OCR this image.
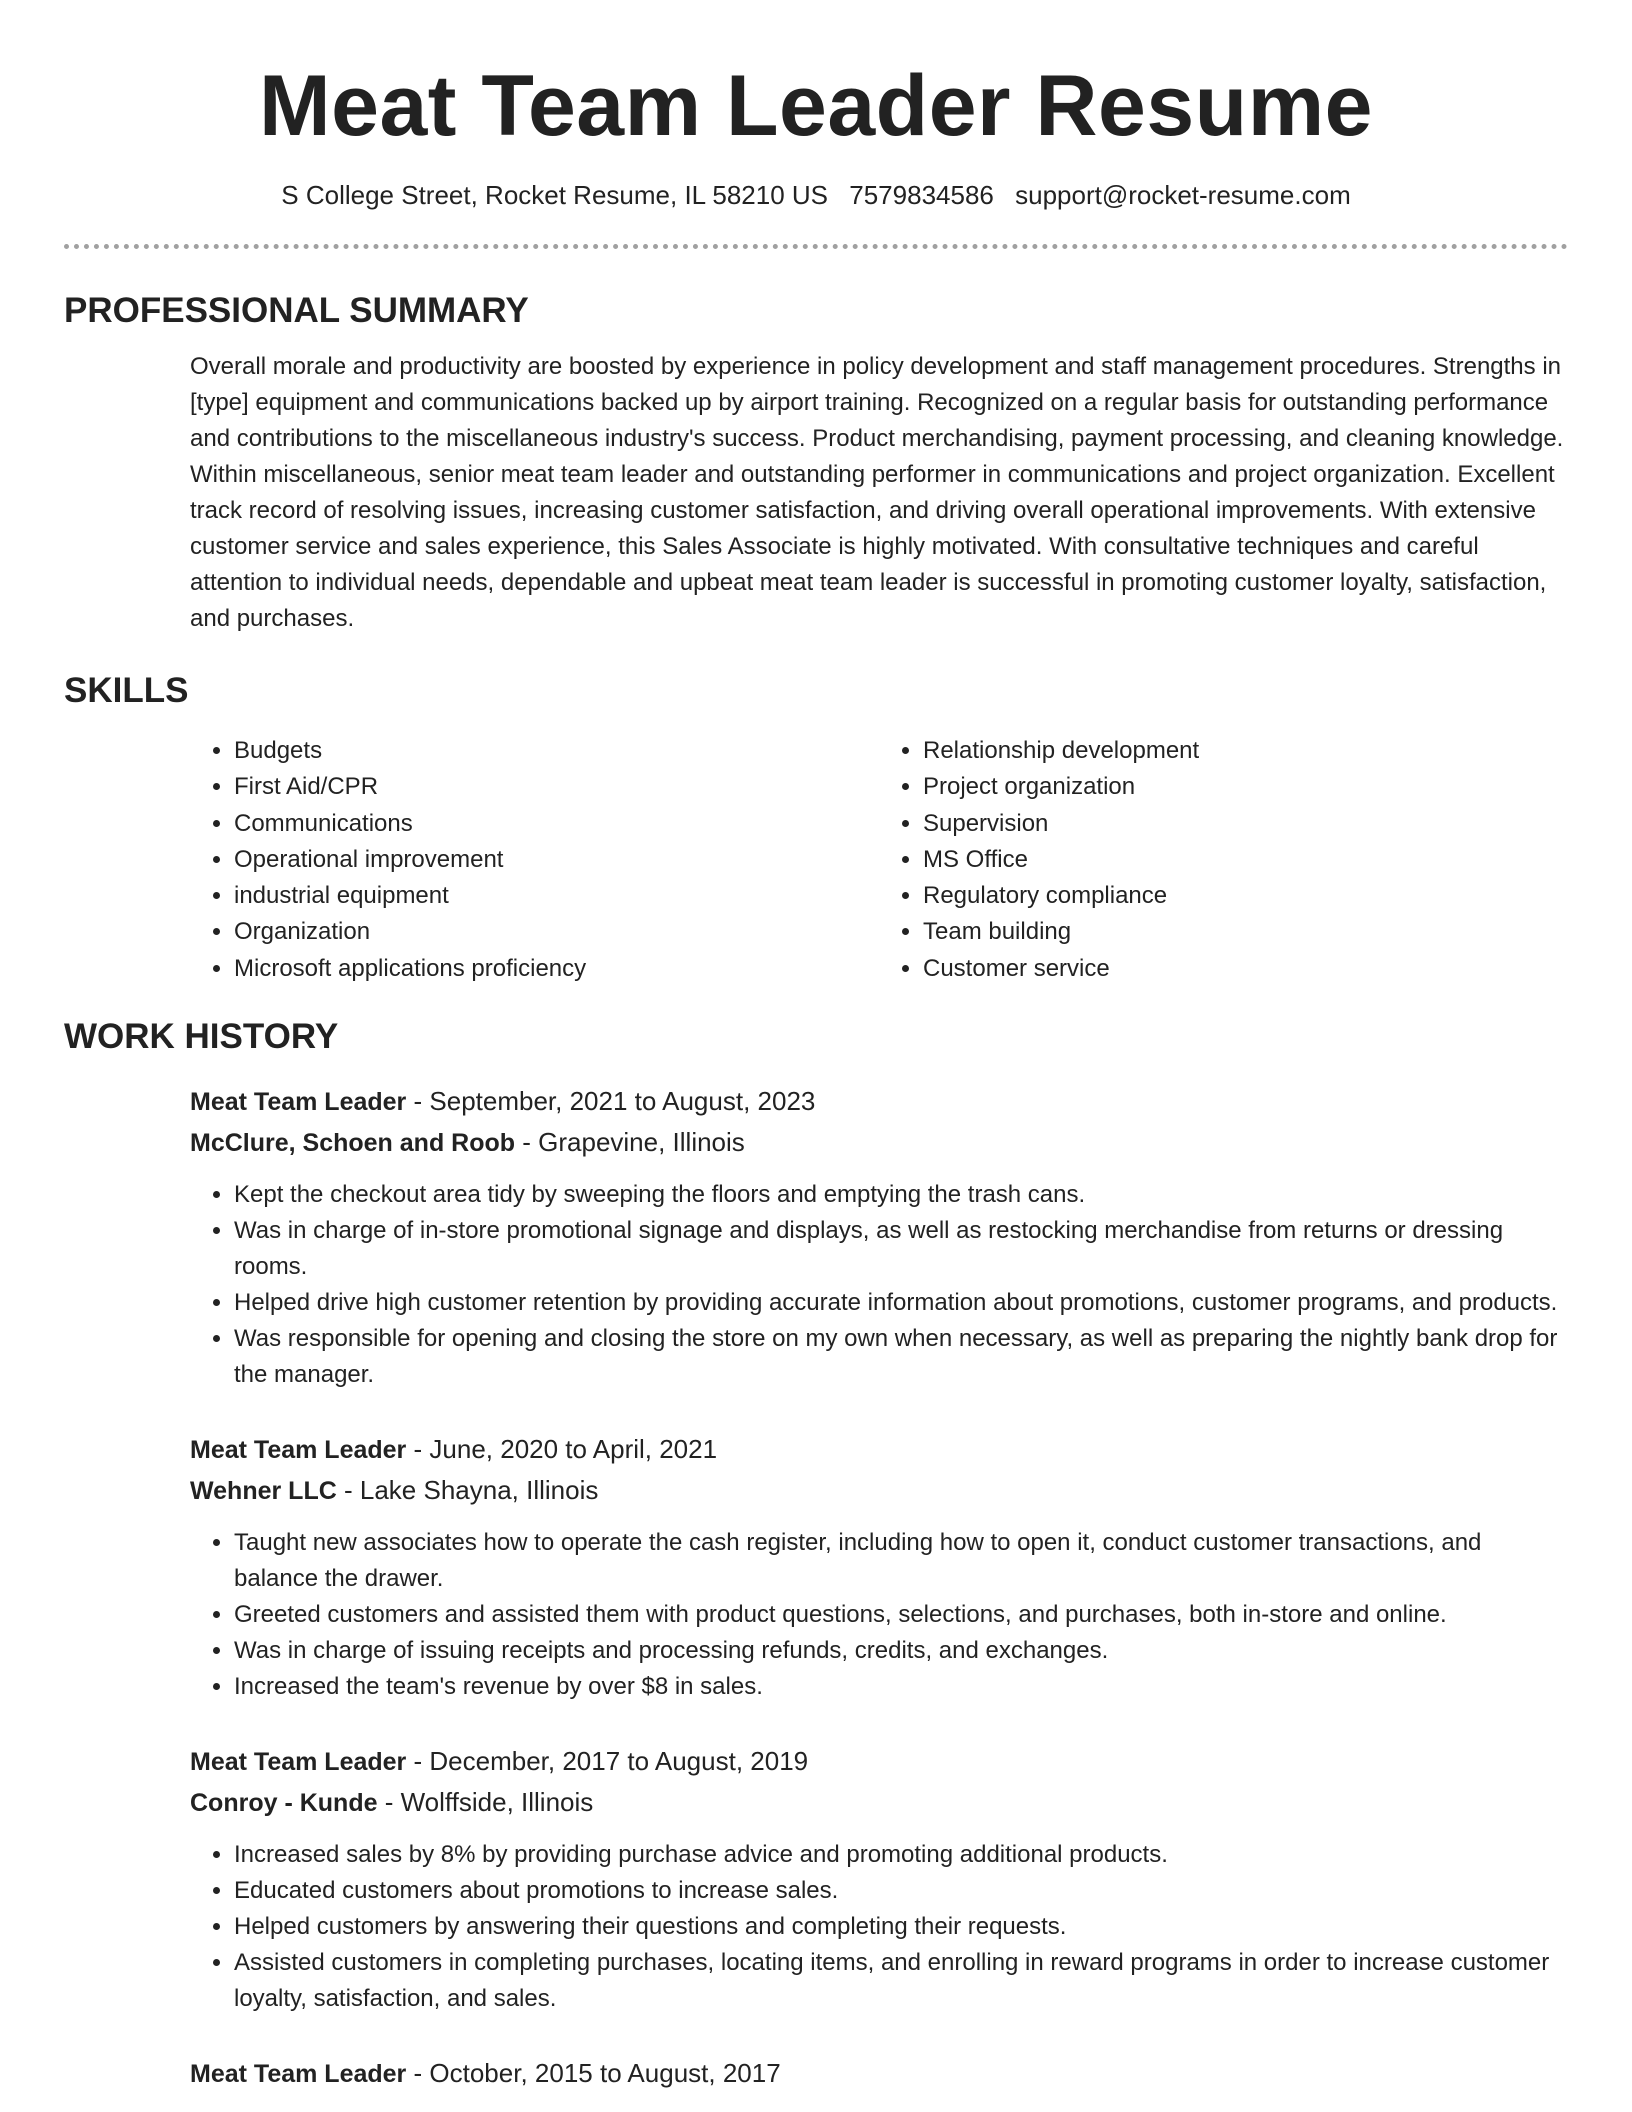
Meat Team Leader Resume
S College Street, Rocket Resume, IL 58210 US 7579834586 support@rocket-resume.com
PROFESSIONAL SUMMARY

Overall morale and productivity are boosted by experience in policy development and staff management procedures. Strengths in [type] equipment and communications backed up by airport training. Recognized on a regular basis for outstanding performance and contributions to the miscellaneous industry's success. Product merchandising, payment processing, and cleaning knowledge. Within miscellaneous, senior meat team leader and outstanding performer in communications and project organization. Excellent track record of resolving issues, increasing customer satisfaction, and driving overall operational improvements. With extensive customer service and sales experience, this Sales Associate is highly motivated. With consultative techniques and careful attention to individual needs, dependable and upbeat meat team leader is successful in promoting customer loyalty, satisfaction, and purchases.

SKILLS
• Budgets
• First Aid/CPR
• Communications
• Operational improvement
• industrial equipment
• Organization
• Microsoft applications proficiency
• Relationship development
• Project organization
• Supervision
• MS Office
• Regulatory compliance
• Team building
• Customer service
WORK HISTORY
Meat Team Leader - September, 2021 to August, 2023
McClure, Schoen and Roob - Grapevine, Illinois
• Kept the checkout area tidy by sweeping the floors and emptying the trash cans.
• Was in charge of in-store promotional signage and displays, as well as restocking merchandise from returns or dressing rooms.
• Helped drive high customer retention by providing accurate information about promotions, customer programs, and products.
• Was responsible for opening and closing the store on my own when necessary, as well as preparing the nightly bank drop for the manager.
Meat Team Leader - June, 2020 to April, 2021
Wehner LLC - Lake Shayna, Illinois
• Taught new associates how to operate the cash register, including how to open it, conduct customer transactions, and balance the drawer.
• Greeted customers and assisted them with product questions, selections, and purchases, both in-store and online.
• Was in charge of issuing receipts and processing refunds, credits, and exchanges.
• Increased the team's revenue by over $8 in sales.
Meat Team Leader - December, 2017 to August, 2019
Conroy - Kunde - Wolffside, Illinois
• Increased sales by 8% by providing purchase advice and promoting additional products.
• Educated customers about promotions to increase sales.
• Helped customers by answering their questions and completing their requests.
• Assisted customers in completing purchases, locating items, and enrolling in reward programs in order to increase customer loyalty, satisfaction, and sales.
Meat Team Leader - October, 2015 to August, 2017
